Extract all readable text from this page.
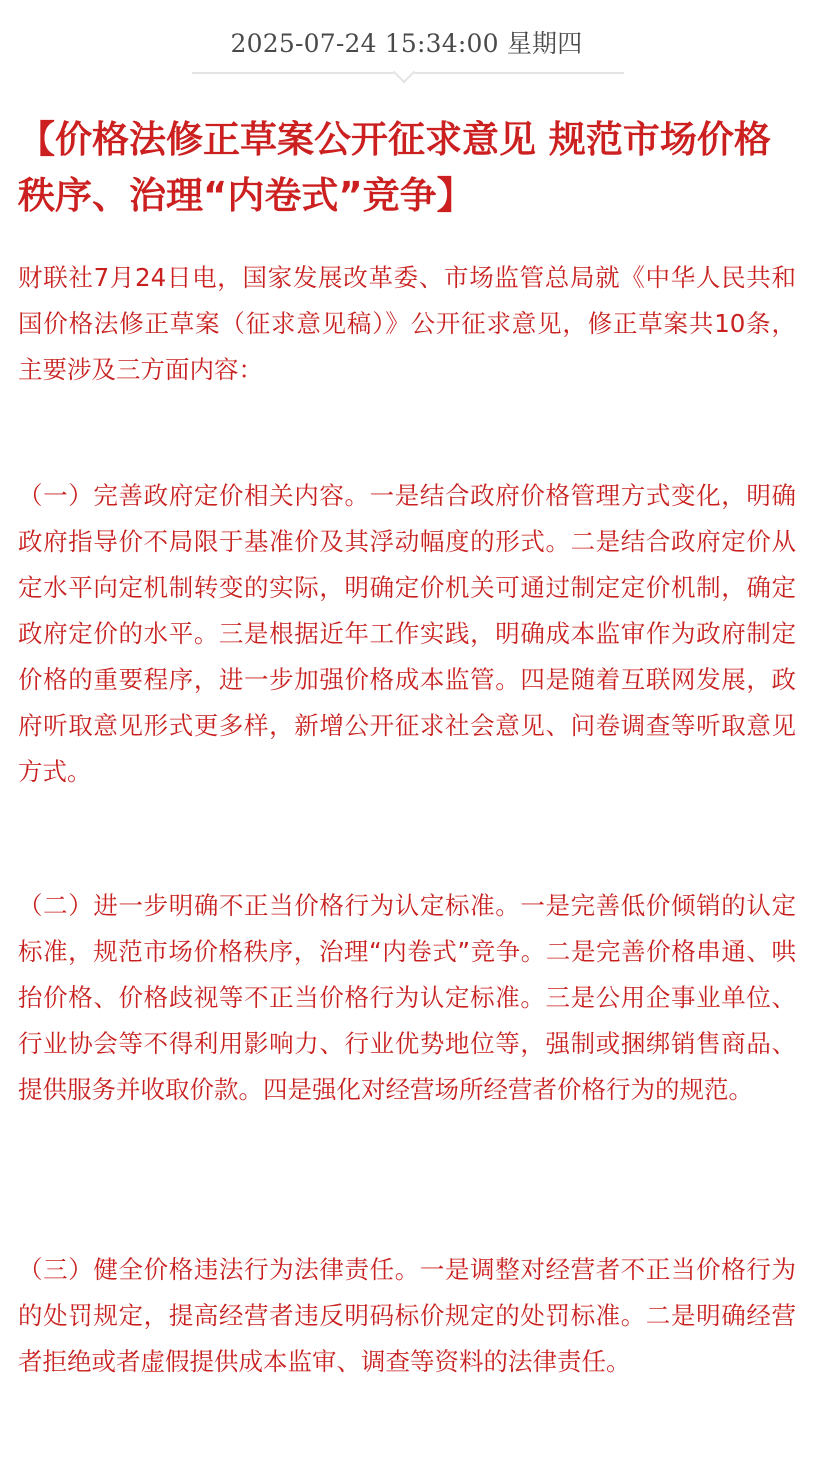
2025-07-24 15:34:00 星期四
【价格法修正草案公开征求意见 规范市场价格秩序、治理“内卷式”竞争】

财联社7月24日电，国家发展改革委、市场监管总局就《中华人民共和国价格法修正草案（征求意见稿）》公开征求意见，修正草案共10条，主要涉及三方面内容：

（一）完善政府定价相关内容。一是结合政府价格管理方式变化，明确政府指导价不局限于基准价及其浮动幅度的形式。二是结合政府定价从定水平向定机制转变的实际，明确定价机关可通过制定定价机制，确定政府定价的水平。三是根据近年工作实践，明确成本监审作为政府制定价格的重要程序，进一步加强价格成本监管。四是随着互联网发展，政府听取意见形式更多样，新增公开征求社会意见、问卷调查等听取意见方式。

（二）进一步明确不正当价格行为认定标准。一是完善低价倾销的认定标准，规范市场价格秩序，治理“内卷式”竞争。二是完善价格串通、哄抬价格、价格歧视等不正当价格行为认定标准。三是公用企事业单位、行业协会等不得利用影响力、行业优势地位等，强制或捆绑销售商品、提供服务并收取价款。四是强化对经营场所经营者价格行为的规范。

（三）健全价格违法行为法律责任。一是调整对经营者不正当价格行为的处罚规定，提高经营者违反明码标价规定的处罚标准。二是明确经营者拒绝或者虚假提供成本监审、调查等资料的法律责任。
